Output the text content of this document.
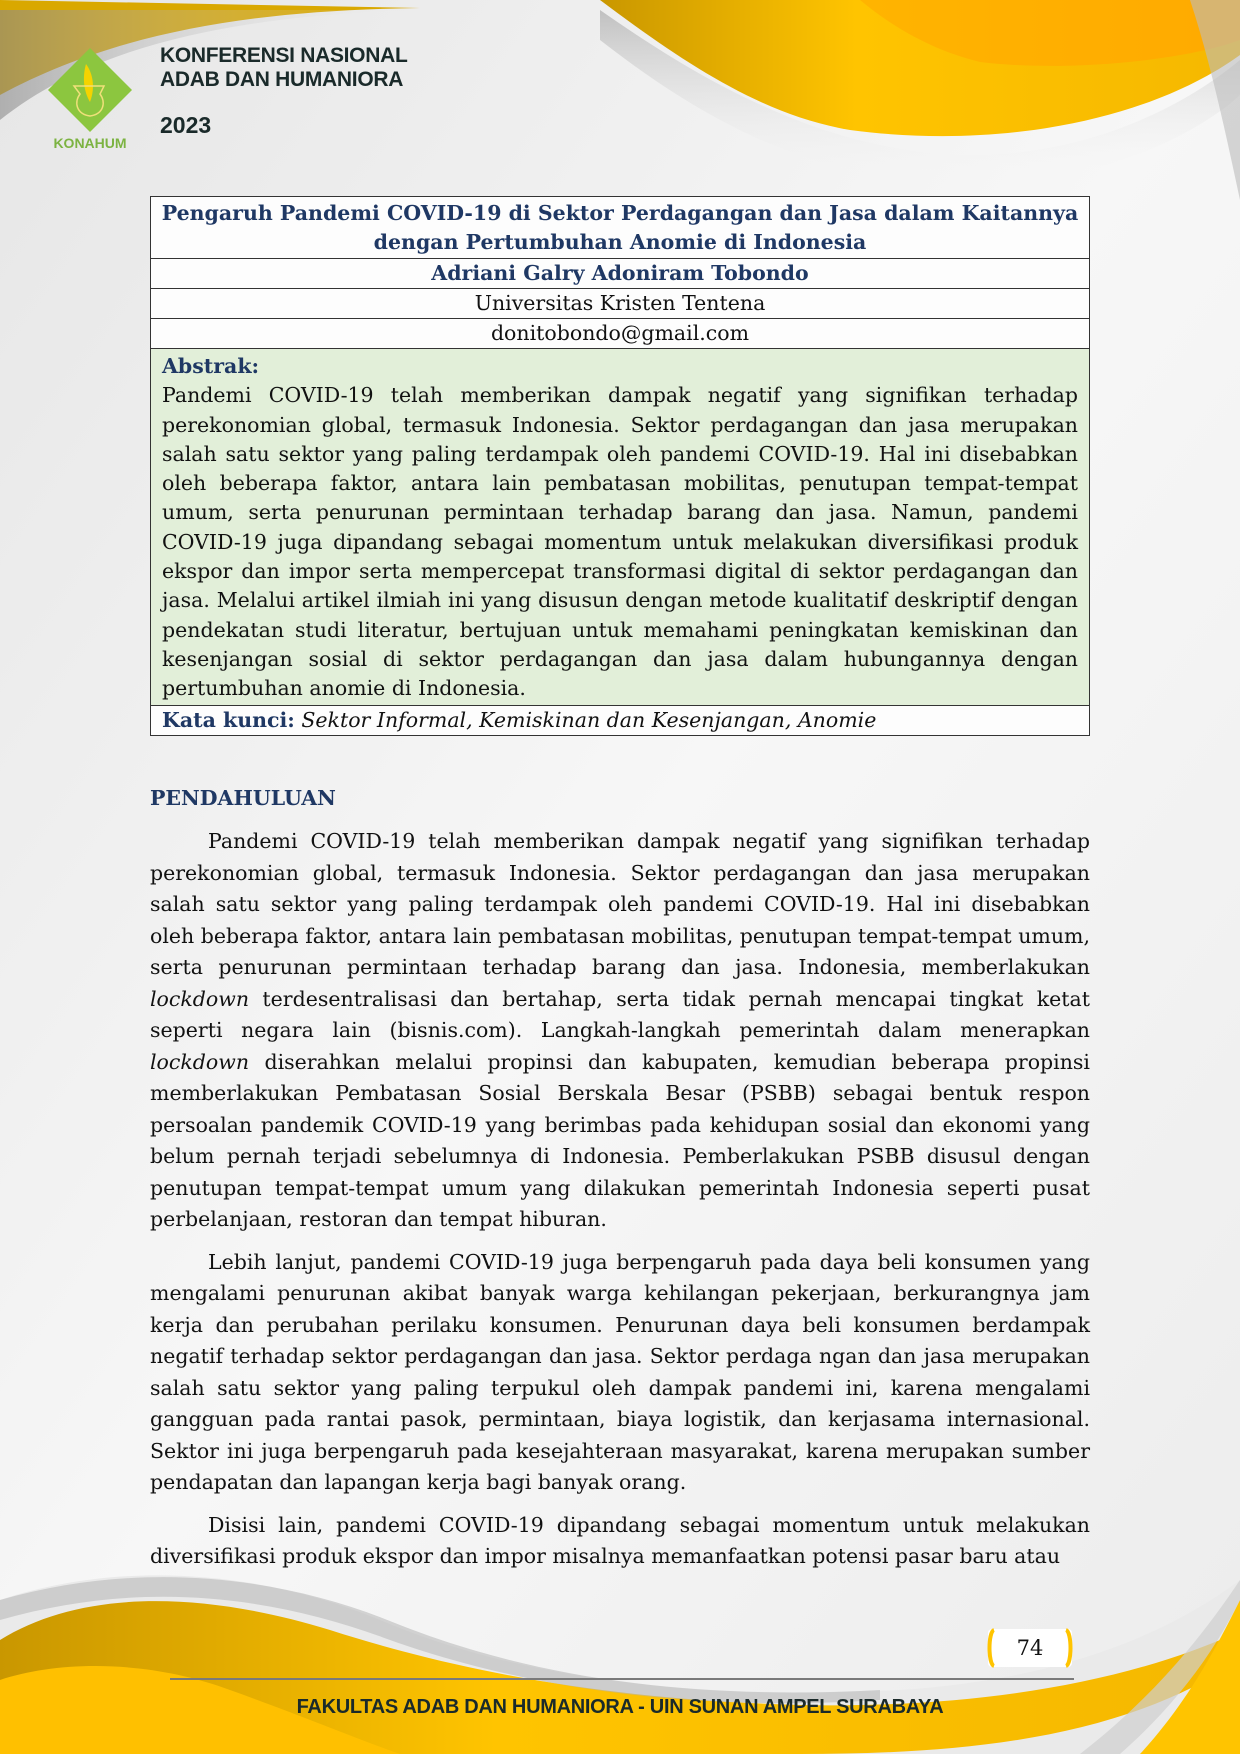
KONAHUM
KONFERENSI NASIONAL
ADAB DAN HUMANIORA
2023
Pengaruh Pandemi COVID-19 di Sektor Perdagangan dan Jasa dalam Kaitannya dengan Pertumbuhan Anomie di Indonesia
Adriani Galry Adoniram Tobondo
Universitas Kristen Tentena
donitobondo@gmail.com

Abstrak:
Pandemi COVID-19 telah memberikan dampak negatif yang signifikan terhadap perekonomian global, termasuk Indonesia. Sektor perdagangan dan jasa merupakan salah satu sektor yang paling terdampak oleh pandemi COVID-19. Hal ini disebabkan oleh beberapa faktor, antara lain pembatasan mobilitas, penutupan tempat-tempat umum, serta penurunan permintaan terhadap barang dan jasa. Namun, pandemi COVID-19 juga dipandang sebagai momentum untuk melakukan diversifikasi produk ekspor dan impor serta mempercepat transformasi digital di sektor perdagangan dan jasa. Melalui artikel ilmiah ini yang disusun dengan metode kualitatif deskriptif dengan pendekatan studi literatur, bertujuan untuk memahami peningkatan kemiskinan dan kesenjangan sosial di sektor perdagangan dan jasa dalam hubungannya dengan pertumbuhan anomie di Indonesia.

Kata kunci: Sektor Informal, Kemiskinan dan Kesenjangan, Anomie
PENDAHULUAN

Pandemi COVID-19 telah memberikan dampak negatif yang signifikan terhadap perekonomian global, termasuk Indonesia. Sektor perdagangan dan jasa merupakan salah satu sektor yang paling terdampak oleh pandemi COVID-19. Hal ini disebabkan oleh beberapa faktor, antara lain pembatasan mobilitas, penutupan tempat-tempat umum, serta penurunan permintaan terhadap barang dan jasa. Indonesia, memberlakukan lockdown terdesentralisasi dan bertahap, serta tidak pernah mencapai tingkat ketat seperti negara lain (bisnis.com). Langkah-langkah pemerintah dalam menerapkan lockdown diserahkan melalui propinsi dan kabupaten, kemudian beberapa propinsi memberlakukan Pembatasan Sosial Berskala Besar (PSBB) sebagai bentuk respon persoalan pandemik COVID-19 yang berimbas pada kehidupan sosial dan ekonomi yang belum pernah terjadi sebelumnya di Indonesia. Pemberlakukan PSBB disusul dengan penutupan tempat-tempat umum yang dilakukan pemerintah Indonesia seperti pusat perbelanjaan, restoran dan tempat hiburan.

Lebih lanjut, pandemi COVID-19 juga berpengaruh pada daya beli konsumen yang mengalami penurunan akibat banyak warga kehilangan pekerjaan, berkurangnya jam kerja dan perubahan perilaku konsumen. Penurunan daya beli konsumen berdampak negatif terhadap sektor perdagangan dan jasa. Sektor perdaga ngan dan jasa merupakan salah satu sektor yang paling terpukul oleh dampak pandemi ini, karena mengalami gangguan pada rantai pasok, permintaan, biaya logistik, dan kerjasama internasional. Sektor ini juga berpengaruh pada kesejahteraan masyarakat, karena merupakan sumber pendapatan dan lapangan kerja bagi banyak orang.

Disisi lain, pandemi COVID-19 dipandang sebagai momentum untuk melakukan diversifikasi produk ekspor dan impor misalnya memanfaatkan potensi pasar baru atau

74
FAKULTAS ADAB DAN HUMANIORA - UIN SUNAN AMPEL SURABAYA
